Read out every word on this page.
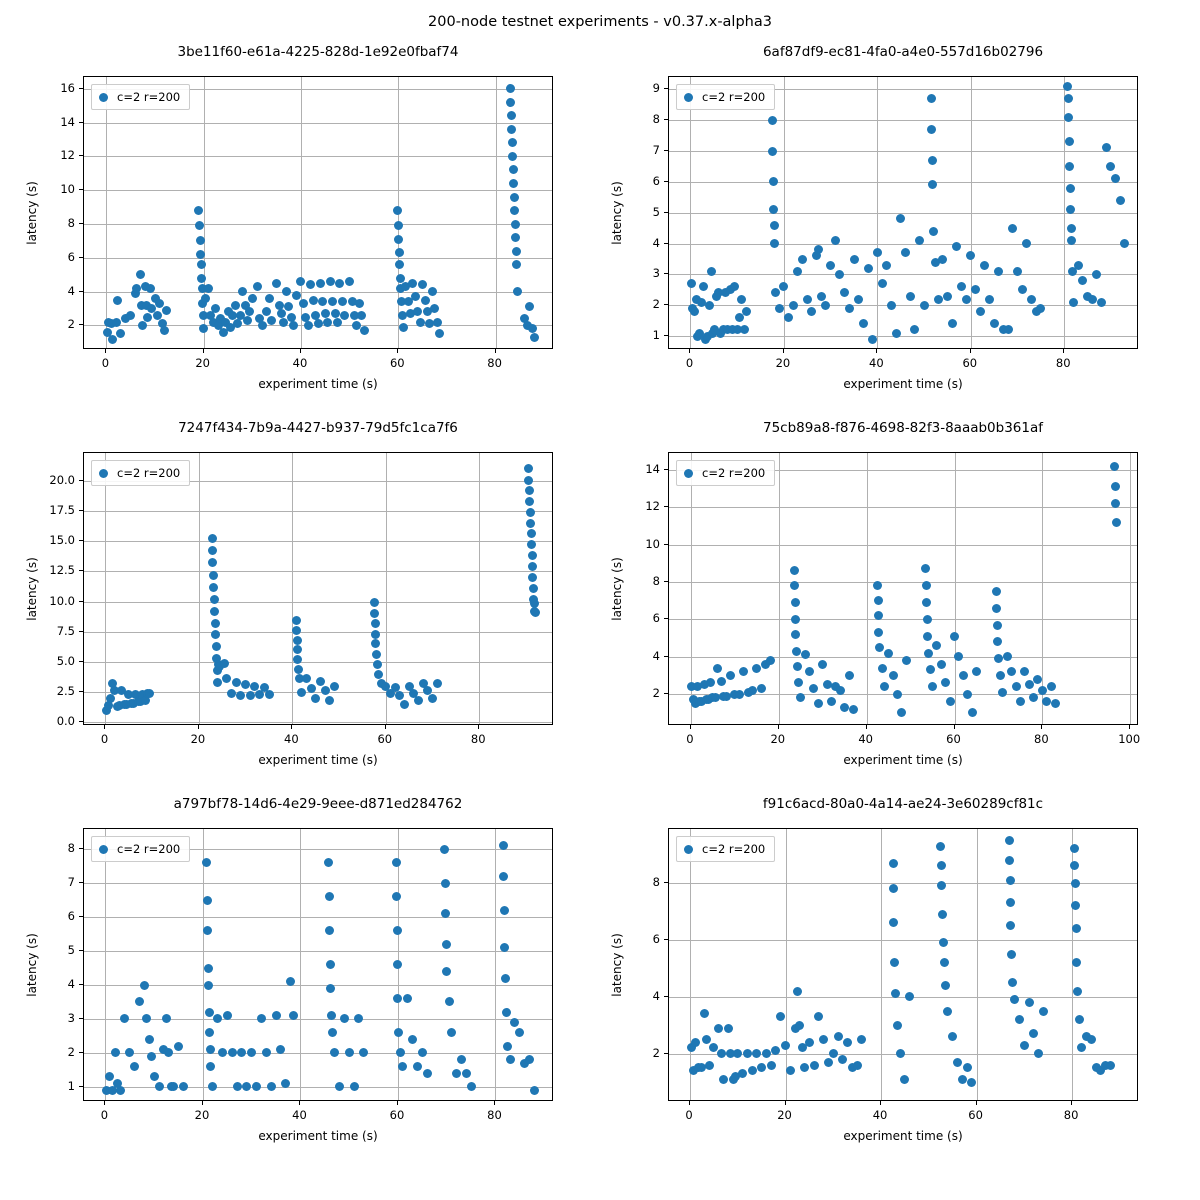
200-node testnet experiments - v0.37.x-alpha3
3be11f60-e61a-4225-828d-1e92e0fbaf74
0	20	40	60	80
2
4
6
8
10
12
14
16
c=2 r=200
experiment time (s)
latency (s)
6af87df9-ec81-4fa0-a4e0-557d16b02796
0	20	40	60	80
1
2
3
4
5
6
7
8
9
c=2 r=200
experiment time (s)
latency (s)
7247f434-7b9a-4427-b937-79d5fc1ca7f6
0	20	40	60	80
0.0
2.5
5.0
7.5
10.0
12.5
15.0
17.5
20.0	c=2 r=200
experiment time (s)
latency (s)
75cb89a8-f876-4698-82f3-8aaab0b361af
0	20	40	60	80	100
2
4
6
8
10
12
14	c=2 r=200
experiment time (s)
latency (s)
a797bf78-14d6-4e29-9eee-d871ed284762
0	20	40	60	80
1
2
3
4
5
6
7
8	c=2 r=200
experiment time (s)
latency (s)
f91c6acd-80a0-4a14-ae24-3e60289cf81c
0	20	40	60	80
2
4
6
8
c=2 r=200
experiment time (s)
latency (s)
